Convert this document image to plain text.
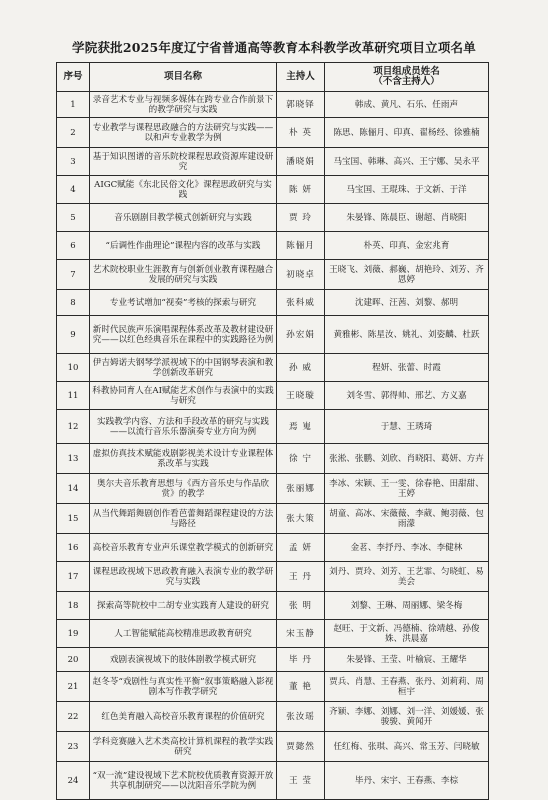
学院获批2025年度辽宁省普通高等教育本科教学改革研究项目立项名单
序号	项目名称	主持人	项目组成员姓名
（不含主持人）
1	录音艺术专业与视频多媒体在跨专业合作前景下的教学研究与实践	郭晓铎	韩成、黄凡、石乐、任雨声
2	专业教学与课程思政融合的方法研究与实践——以和声专业教学为例	朴 英	陈思、陈俪月、印真、翟杨经、徐雅楠
3	基于知识图谱的音乐院校课程思政资源库建设研究	潘晓娟	马宝国、韩琳、高兴、王宁娜、吴永平
4	AIGC赋能《东北民俗文化》课程思政研究与实践	陈 妍	马宝国、王琨珠、于文新、于洋
5	音乐剧剧目教学模式创新研究与实践	贾 玲	朱晏锋、陈晨臣、谢超、肖晓阳
6	“后调性作曲理论”课程内容的改革与实践	陈俪月	朴英、印真、金宏兆育
7	艺术院校职业生涯教育与创新创业教育课程融合发展的研究与实践	初晓卓	王晓飞、刘薇、郝巍、胡艳玲、刘芳、齐恩婷
8	专业考试增加“视奏”考核的探索与研究	张科威	沈建晖、汪茜、刘黎、郝明
9	新时代民族声乐演唱课程体系改革及教材建设研究——以红色经典音乐在课程中的实践路径为例	孙宏娟	黄雅彬、陈星汝、姚礼、刘姿麟、杜跃
10	伊吉姆诺夫钢琴学派视域下的中国钢琴表演和教学创新改革研究	孙 威	程妍、张蕾、时霞
11	科教协同育人在AI赋能艺术创作与表演中的实践与研究	王晓璇	刘冬雪、郭得帅、邢艺、方义嘉
12	实践教学内容、方法和手段改革的研究与实践——以流行音乐乐器演奏专业方向为例	焉 嵬	于慧、王琇琦
13	虚拟仿真技术赋能戏剧影视美术设计专业课程体系改革与实践	徐 宁	张淞、张鹏、刘欣、肖晓阳、葛妍、方卉
14	奥尔夫音乐教育思想与《西方音乐史与作品欣赏》的教学	张丽娜	李冰、宋颖、王一雯、徐春艳、田甜甜、王婷
15	从当代舞蹈舞剧创作看芭蕾舞蹈课程建设的方法与路径	张大策	胡童、高冰、宋薇薇、李葳、鲍羽薇、包雨濛
16	高校音乐教育专业声乐课堂教学模式的创新研究	孟 妍	金茗、李抒丹、李冰、李健林
17	课程思政视域下思政教育融入表演专业的教学研究与实践	王 丹	刘丹、贾玲、刘芳、王艺霏、匀晓虹、易美会
18	探索高等院校中二胡专业实践育人建设的研究	张 明	刘黎、王琳、周丽娜、梁冬梅
19	人工智能赋能高校精准思政教育研究	宋玉静	赵旺、于文新、冯德楠、徐靖越、孙俊姝、洪晨嘉
20	戏剧表演视域下的肢体剧教学模式研究	毕 丹	朱晏锋、王莹、叶榆宸、王耀华
21	赵冬苓“戏剧性与真实性平衡”叙事策略融入影视剧本写作教学研究	董 艳	贾兵、肖慧、王春燕、张丹、刘莉莉、周桓宇
22	红色美育融入高校音乐教育课程的价值研究	张汝瑶	齐颖、李娜、刘娜、刘一洋、刘媛媛、张骏骏、黄闻开
23	学科竞赛融入艺术类高校计算机课程的教学实践研究	贾懿然	任红梅、张琪、高兴、常玉芳、闫晓敏
24	“双一流”建设视域下艺术院校优质教育资源开放共享机制研究——以沈阳音乐学院为例	王 莹	毕丹、宋宇、王春燕、李棕
